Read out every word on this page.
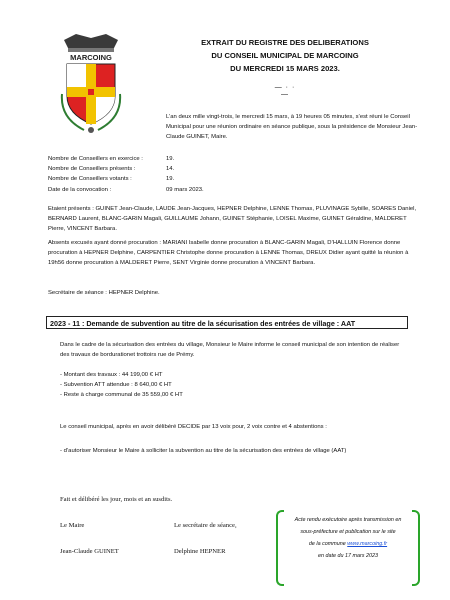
MARCOING
EXTRAIT DU REGISTRE DES DELIBERATIONS
DU CONSEIL MUNICIPAL DE MARCOING
DU MERCREDI 15 MARS 2023.
— · · —
L’an deux mille vingt-trois, le mercredi 15 mars, à 19 heures 05 minutes, s’est réuni le Conseil Municipal pour une réunion ordinaire en séance publique, sous la présidence de Monsieur Jean-Claude GUINET, Maire.
Nombre de Conseillers en exercice :	19.
Nombre de Conseillers présents :	14.
Nombre de Conseillers votants :	19.
Date de la convocation :	09 mars 2023.
Etaient présents : GUINET Jean-Claude, LAUDE Jean-Jacques, HEPNER Delphine, LENNE Thomas, PLUVINAGE Sybille, SOARES Daniel, BERNARD Laurent, BLANC-GARIN Magali, GUILLAUME Johann, GUINET Stéphanie, LOISEL Maxime, GUINET Géraldine, MALDERET Pierre, VINCENT Barbara.
Absents excusés ayant donné procuration : MARIANI Isabelle donne procuration à BLANC-GARIN Magali, D’HALLUIN Florence donne procuration à HEPNER Delphine, CARPENTIER Christophe donne procuration à LENNE Thomas, DREUX Didier ayant quitté la réunion à 19h56 donne procuration à MALDERET Pierre, SENT Virginie donne procuration à VINCENT Barbara.
Secrétaire de séance : HEPNER Delphine.
2023 - 11 : Demande de subvention au titre de la sécurisation des entrées de village : AAT
Dans le cadre de la sécurisation des entrées du village, Monsieur le Maire informe le conseil municipal de son intention de réaliser des travaux de bordurationet trottoirs rue de Prémy.
- Montant des travaux : 44 199,00 € HT
- Subvention ATT attendue : 8 640,00 € HT
- Reste à charge communal de 35 559,00 € HT
Le conseil municipal, après en avoir délibéré DECIDE par 13 voix pour, 2 voix contre et 4 abstentions :
- d’autoriser Monsieur le Maire à solliciter la subvention au titre de la sécurisation des entrées de village (AAT)
Fait et délibéré les jour, mois et an susdits.
Le Maire	Le secrétaire de séance,
Jean-Claude GUINET	Delphine HEPNER
Acte rendu exécutoire après transmission en
sous-préfecture et publication sur le site
de la commune www.marcoing.fr
en date du 17 mars 2023
